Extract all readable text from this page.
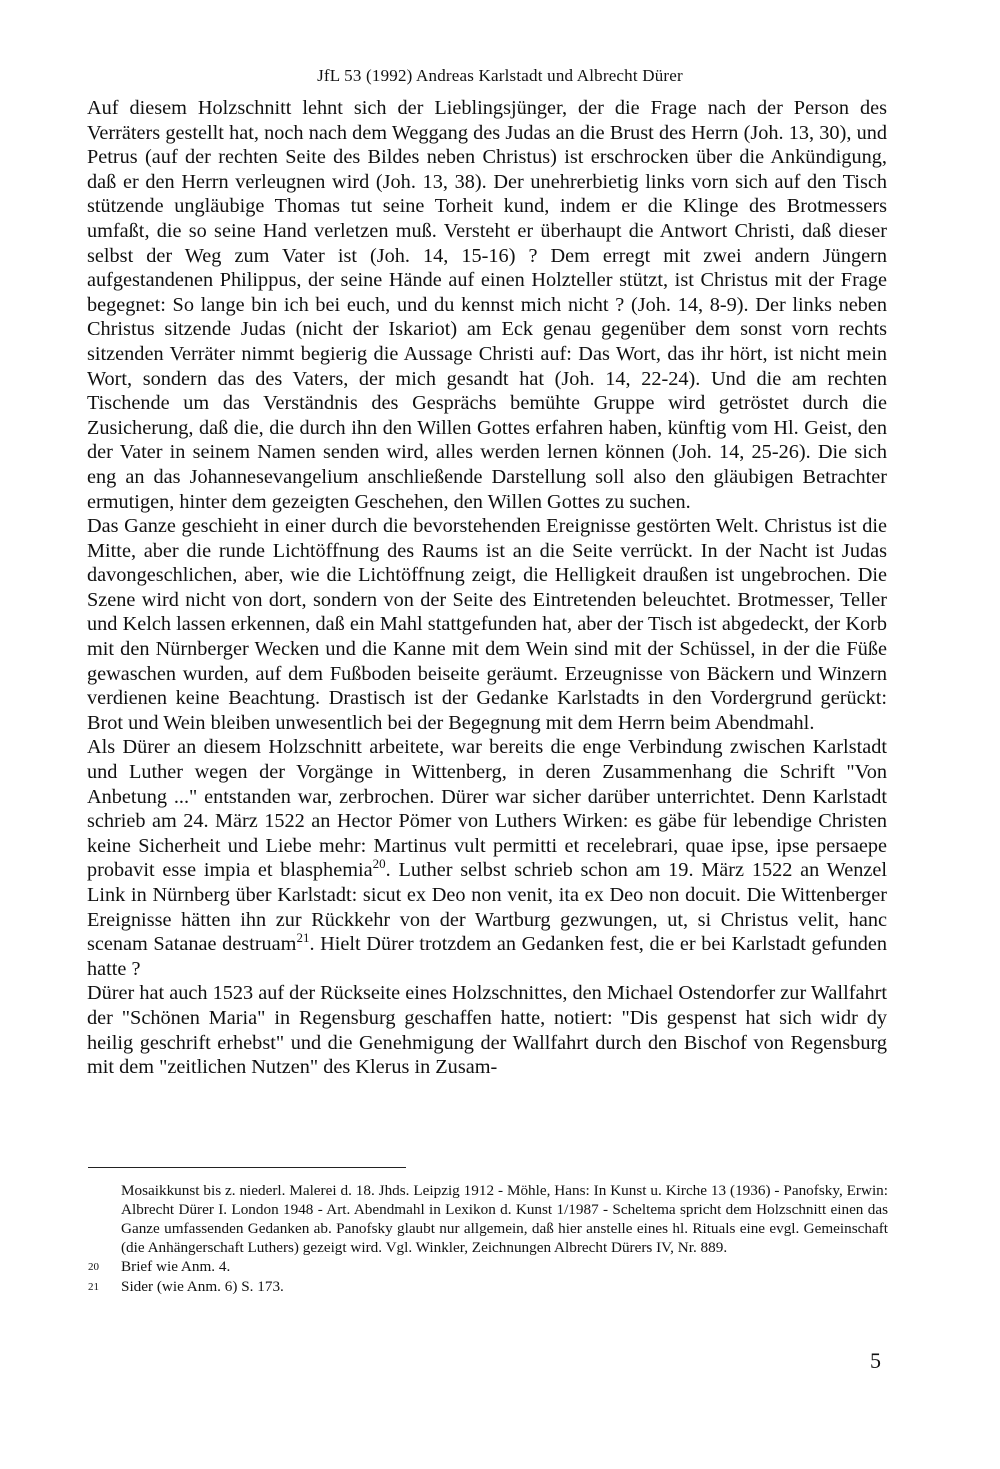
JfL 53 (1992) Andreas Karlstadt und Albrecht Dürer

Auf diesem Holzschnitt lehnt sich der Lieblingsjünger, der die Frage nach der Person des Verräters gestellt hat, noch nach dem Weggang des Judas an die Brust des Herrn (Joh. 13, 30), und Petrus (auf der rechten Seite des Bildes neben Christus) ist erschrocken über die Ankündigung, daß er den Herrn verleugnen wird (Joh. 13, 38). Der unehrerbietig links vorn sich auf den Tisch stützende ungläubige Thomas tut seine Torheit kund, indem er die Klinge des Brotmessers umfaßt, die so seine Hand verletzen muß. Versteht er überhaupt die Antwort Christi, daß dieser selbst der Weg zum Vater ist (Joh. 14, 15-16) ? Dem erregt mit zwei andern Jüngern aufgestandenen Philippus, der seine Hände auf einen Holzteller stützt, ist Christus mit der Frage begegnet: So lange bin ich bei euch, und du kennst mich nicht ? (Joh. 14, 8-9). Der links neben Christus sitzende Judas (nicht der Iskariot) am Eck genau gegenüber dem sonst vorn rechts sitzenden Verräter nimmt begierig die Aussage Christi auf: Das Wort, das ihr hört, ist nicht mein Wort, sondern das des Vaters, der mich gesandt hat (Joh. 14, 22-24). Und die am rechten Tischende um das Verständnis des Gesprächs bemühte Gruppe wird getröstet durch die Zusicherung, daß die, die durch ihn den Willen Gottes erfahren haben, künftig vom Hl. Geist, den der Vater in seinem Namen senden wird, alles werden lernen können (Joh. 14, 25-26). Die sich eng an das Johannesevangelium anschließende Darstellung soll also den gläubigen Betrachter ermutigen, hinter dem gezeigten Geschehen, den Willen Gottes zu suchen.

Das Ganze geschieht in einer durch die bevorstehenden Ereignisse gestörten Welt. Christus ist die Mitte, aber die runde Lichtöffnung des Raums ist an die Seite verrückt. In der Nacht ist Judas davongeschlichen, aber, wie die Lichtöffnung zeigt, die Helligkeit draußen ist ungebrochen. Die Szene wird nicht von dort, sondern von der Seite des Eintretenden beleuchtet. Brotmesser, Teller und Kelch lassen erkennen, daß ein Mahl stattgefunden hat, aber der Tisch ist abgedeckt, der Korb mit den Nürnberger Wecken und die Kanne mit dem Wein sind mit der Schüssel, in der die Füße gewaschen wurden, auf dem Fußboden beiseite geräumt. Erzeugnisse von Bäckern und Winzern verdienen keine Beachtung. Drastisch ist der Gedanke Karlstadts in den Vordergrund gerückt: Brot und Wein bleiben unwesentlich bei der Begegnung mit dem Herrn beim Abendmahl.

Als Dürer an diesem Holzschnitt arbeitete, war bereits die enge Verbindung zwischen Karlstadt und Luther wegen der Vorgänge in Wittenberg, in deren Zusammenhang die Schrift "Von Anbetung ..." entstanden war, zerbrochen. Dürer war sicher darüber unterrichtet. Denn Karlstadt schrieb am 24. März 1522 an Hector Pömer von Luthers Wirken: es gäbe für lebendige Christen keine Sicherheit und Liebe mehr: Martinus vult permitti et recelebrari, quae ipse, ipse persaepe probavit esse impia et blasphemia$^{20}$. Luther selbst schrieb schon am 19. März 1522 an Wenzel Link in Nürnberg über Karlstadt: sicut ex Deo non venit, ita ex Deo non docuit. Die Wittenberger Ereignisse hätten ihn zur Rückkehr von der Wartburg gezwungen, ut, si Christus velit, hanc scenam Satanae destruam$^{21}$. Hielt Dürer trotzdem an Gedanken fest, die er bei Karlstadt gefunden hatte ?

Dürer hat auch 1523 auf der Rückseite eines Holzschnittes, den Michael Ostendorfer zur Wallfahrt der "Schönen Maria" in Regensburg geschaffen hatte, notiert: "Dis gespenst hat sich widr dy heilig geschrift erhebst" und die Genehmigung der Wallfahrt durch den Bischof von Regensburg mit dem "zeitlichen Nutzen" des Klerus in Zusam-

Mosaikkunst bis z. niederl. Malerei d. 18. Jhds. Leipzig 1912 - Möhle, Hans: In Kunst u. Kirche 13 (1936) - Panofsky, Erwin: Albrecht Dürer I. London 1948 - Art. Abendmahl in Lexikon d. Kunst 1/1987 - Scheltema spricht dem Holzschnitt einen das Ganze umfassenden Gedanken ab. Panofsky glaubt nur allgemein, daß hier anstelle eines hl. Rituals eine evgl. Gemeinschaft (die Anhängerschaft Luthers) gezeigt wird. Vgl. Winkler, Zeichnungen Albrecht Dürers IV, Nr. 889.
20	Brief wie Anm. 4.
21	Sider (wie Anm. 6) S. 173.
5
